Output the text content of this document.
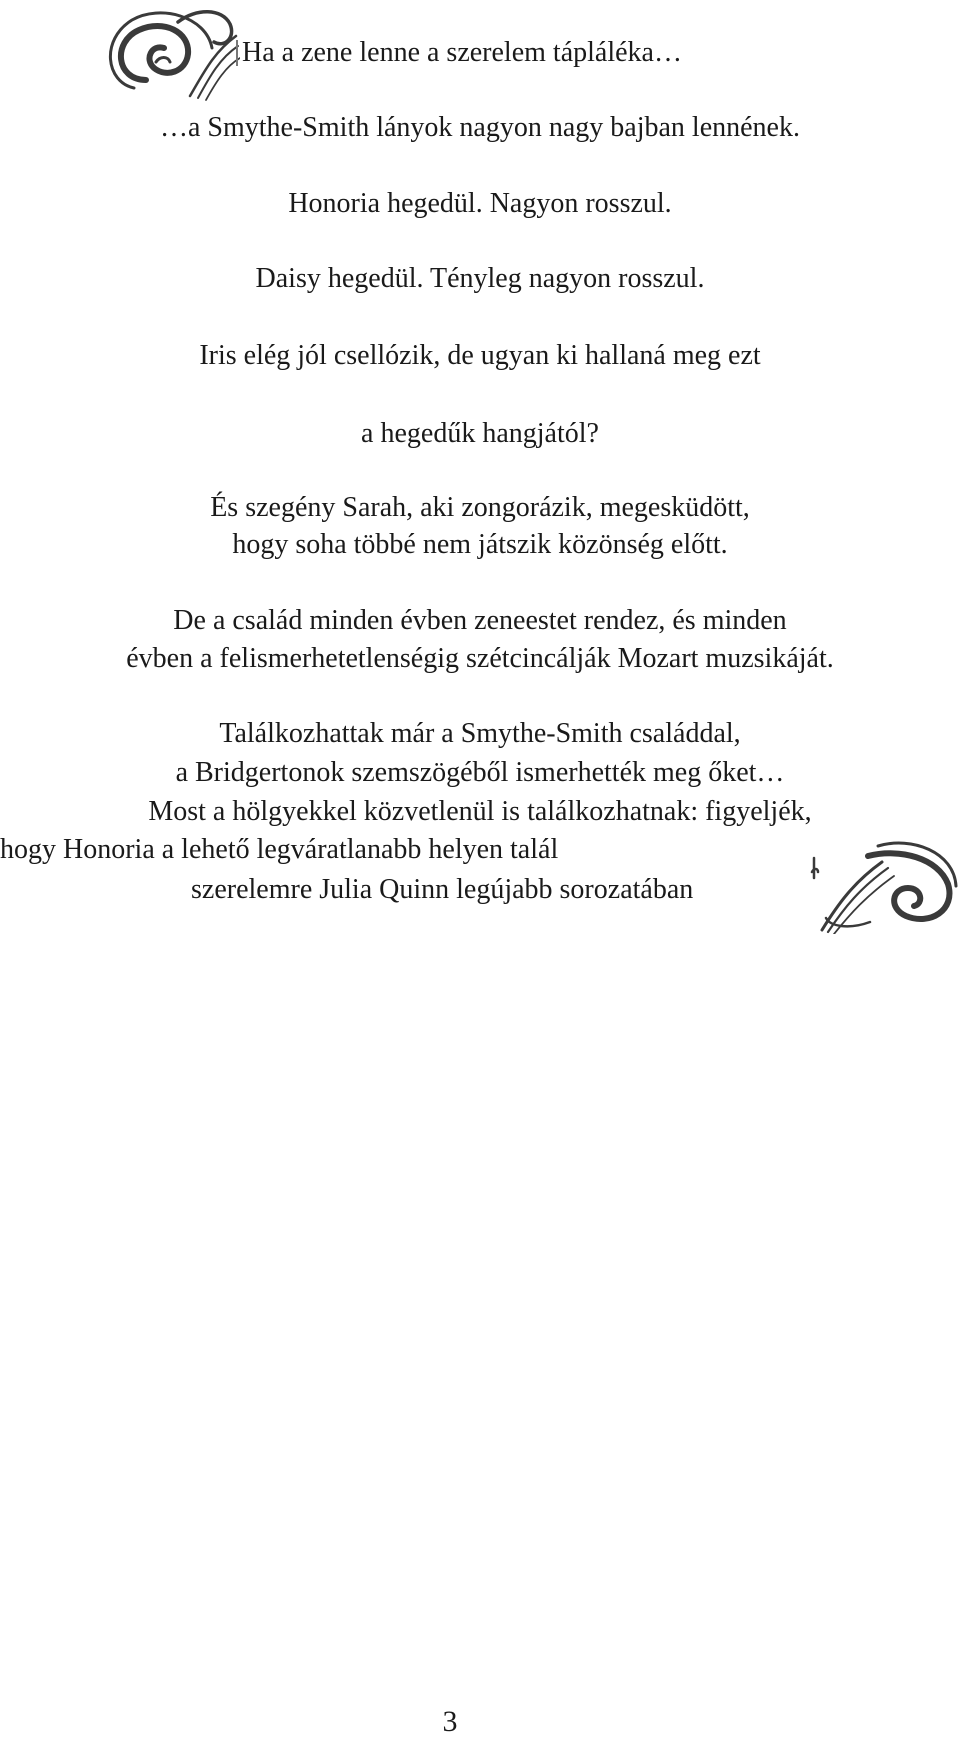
Ha a zene lenne a szerelem tápláléka…
…a Smythe-Smith lányok nagyon nagy bajban lennének.
Honoria hegedül. Nagyon rosszul.
Daisy hegedül. Tényleg nagyon rosszul.
Iris elég jól csellózik, de ugyan ki hallaná meg ezt
a hegedűk hangjától?
És szegény Sarah, aki zongorázik, megesküdött,
hogy soha többé nem játszik közönség előtt.
De a család minden évben zeneestet rendez, és minden
évben a felismerhetetlenségig szétcincálják Mozart muzsikáját.
Találkozhattak már a Smythe-Smith családdal,
a Bridgertonok szemszögéből ismerhették meg őket…
Most a hölgyekkel közvetlenül is találkozhatnak: figyeljék,
hogy Honoria a lehető legváratlanabb helyen talál
szerelemre Julia Quinn legújabb sorozatában
3
